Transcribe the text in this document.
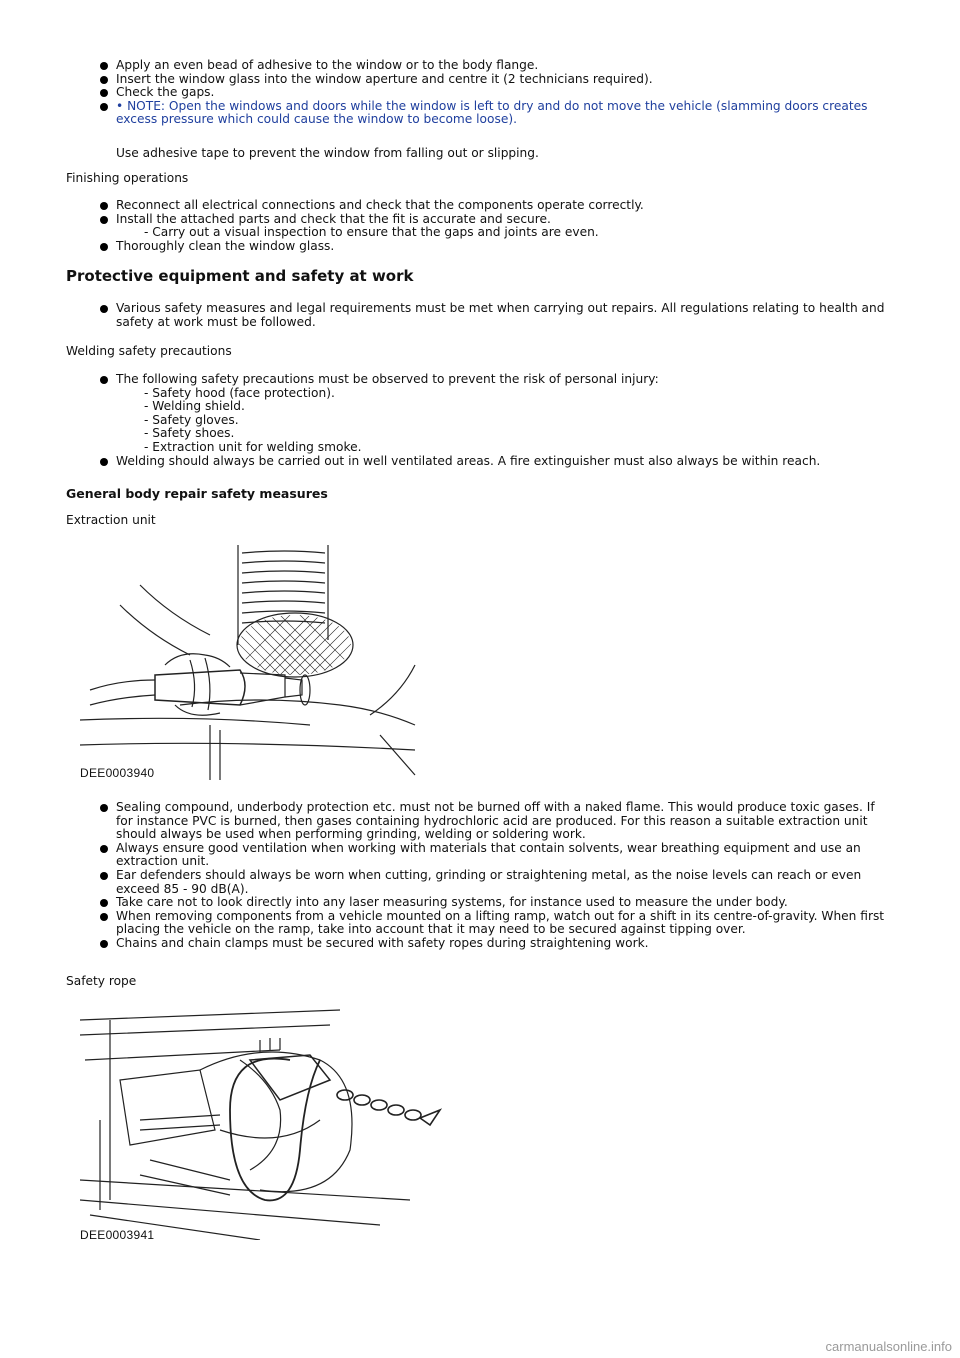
Apply an even bead of adhesive to the window or to the body flange.
Insert the window glass into the window aperture and centre it (2 technicians required).
Check the gaps.
• NOTE: Open the windows and doors while the window is left to dry and do not move the vehicle (slamming doors creates excess pressure which could cause the window to become loose).

Use adhesive tape to prevent the window from falling out or slipping.

Finishing operations

Reconnect all electrical connections and check that the components operate correctly.
Install the attached parts and check that the fit is accurate and secure.
- Carry out a visual inspection to ensure that the gaps and joints are even.
Thoroughly clean the window glass.
Protective equipment and safety at work
Various safety measures and legal requirements must be met when carrying out repairs. All regulations relating to health and safety at work must be followed.

Welding safety precautions

The following safety precautions must be observed to prevent the risk of personal injury:
- Safety hood (face protection).
- Welding shield.
- Safety gloves.
- Safety shoes.
- Extraction unit for welding smoke.
Welding should always be carried out in well ventilated areas. A fire extinguisher must also always be within reach.
General body repair safety measures

Extraction unit

DEE0003940
Sealing compound, underbody protection etc. must not be burned off with a naked flame. This would produce toxic gases. If for instance PVC is burned, then gases containing hydrochloric acid are produced. For this reason a suitable extraction unit should always be used when performing grinding, welding or soldering work.
Always ensure good ventilation when working with materials that contain solvents, wear breathing equipment and use an extraction unit.
Ear defenders should always be worn when cutting, grinding or straightening metal, as the noise levels can reach or even exceed 85 - 90 dB(A).
Take care not to look directly into any laser measuring systems, for instance used to measure the under body.
When removing components from a vehicle mounted on a lifting ramp, watch out for a shift in its centre-of-gravity. When first placing the vehicle on the ramp, take into account that it may need to be secured against tipping over.
Chains and chain clamps must be secured with safety ropes during straightening work.

Safety rope

DEE0003941
carmanualsonline.info
